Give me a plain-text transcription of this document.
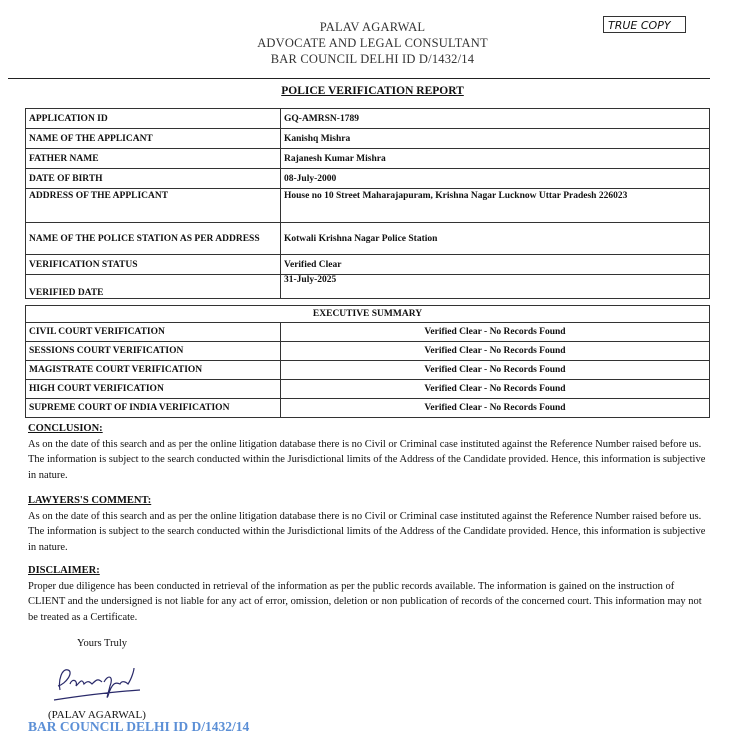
PALAV AGARWAL
ADVOCATE AND LEGAL CONSULTANT
BAR COUNCIL DELHI ID D/1432/14
TRUE COPY
POLICE VERIFICATION REPORT
APPLICATION ID	GQ-AMRSN-1789
NAME OF THE APPLICANT	Kanishq Mishra
FATHER NAME	Rajanesh Kumar Mishra
DATE OF BIRTH	08-July-2000
ADDRESS OF THE APPLICANT	House no 10 Street Maharajapuram, Krishna Nagar Lucknow Uttar Pradesh 226023
NAME OF THE POLICE STATION AS PER ADDRESS	Kotwali Krishna Nagar Police Station
VERIFICATION STATUS	Verified Clear
VERIFIED DATE	31-July-2025
EXECUTIVE SUMMARY	
CIVIL COURT VERIFICATION	Verified Clear - No Records Found
SESSIONS COURT VERIFICATION	Verified Clear - No Records Found
MAGISTRATE COURT VERIFICATION	Verified Clear - No Records Found
HIGH COURT VERIFICATION	Verified Clear - No Records Found
SUPREME COURT OF INDIA VERIFICATION	Verified Clear - No Records Found
CONCLUSION:
As on the date of this search and as per the online litigation database there is no Civil or Criminal case instituted against the Reference Number raised before us. The information is subject to the search conducted within the Jurisdictional limits of the Address of the Candidate provided. Hence, this information is subjective in nature.
LAWYERS'S COMMENT:
As on the date of this search and as per the online litigation database there is no Civil or Criminal case instituted against the Reference Number raised before us. The information is subject to the search conducted within the Jurisdictional limits of the Address of the Candidate provided. Hence, this information is subjective in nature.
DISCLAIMER:
Proper due diligence has been conducted in retrieval of the information as per the public records available. The information is gained on the instruction of CLIENT and the undersigned is not liable for any act of error, omission, deletion or non publication of records of the concerned court. This information may not be treated as a Certificate.
Yours Truly
(PALAV AGARWAL)
BAR COUNCIL DELHI ID D/1432/14
